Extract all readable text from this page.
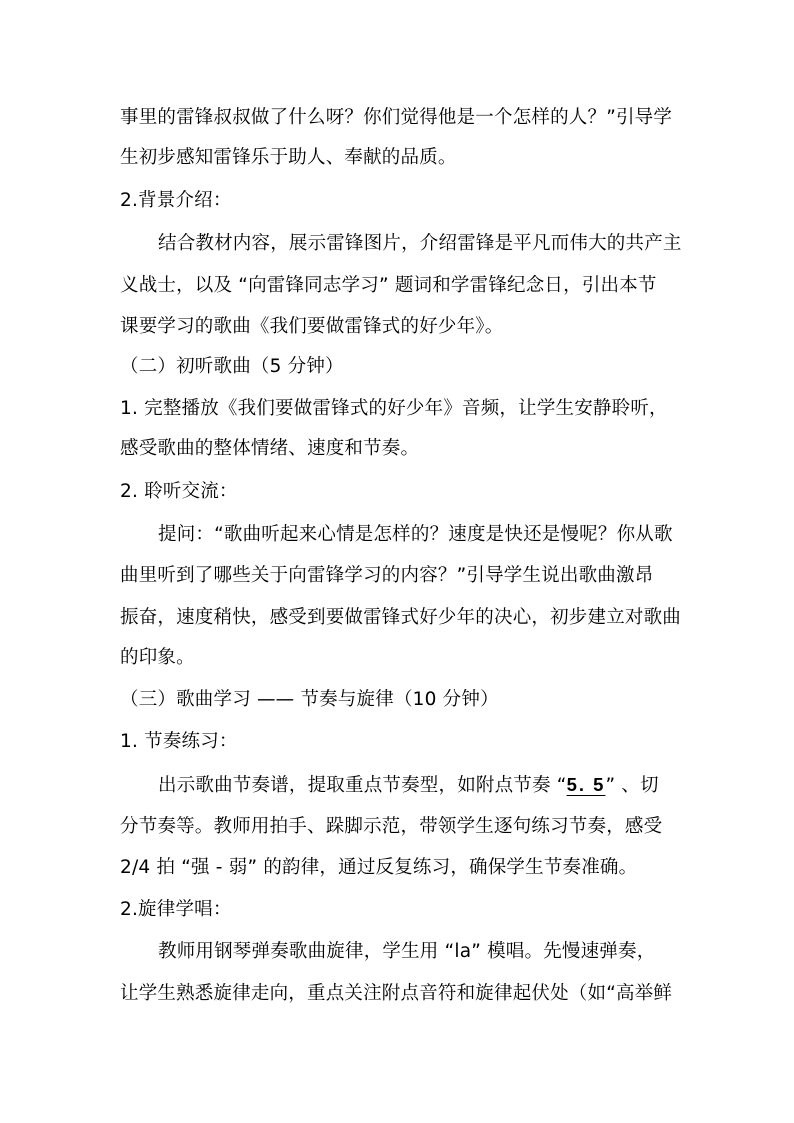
事里的雷锋叔叔做了什么呀？你们觉得他是一个怎样的人？”引导学
生初步感知雷锋乐于助人、奉献的品质。
2.背景介绍：
结合教材内容，展示雷锋图片，介绍雷锋是平凡而伟大的共产主
义战士，以及 “向雷锋同志学习” 题词和学雷锋纪念日，引出本节
课要学习的歌曲《我们要做雷锋式的好少年》。
（二）初听歌曲（5 分钟）
1. 完整播放《我们要做雷锋式的好少年》音频，让学生安静聆听，
感受歌曲的整体情绪、速度和节奏。
2. 聆听交流：
提问：“歌曲听起来心情是怎样的？速度是快还是慢呢？你从歌
曲里听到了哪些关于向雷锋学习的内容？”引导学生说出歌曲激昂
振奋，速度稍快，感受到要做雷锋式好少年的决心，初步建立对歌曲
的印象。
（三）歌曲学习 —— 节奏与旋律（10 分钟）
1. 节奏练习：
出示歌曲节奏谱，提取重点节奏型，如附点节奏 “5. 5” 、切
分节奏等。教师用拍手、跺脚示范，带领学生逐句练习节奏，感受
2/4 拍 “强 - 弱” 的韵律，通过反复练习，确保学生节奏准确。
2.旋律学唱：
教师用钢琴弹奏歌曲旋律，学生用 “la” 模唱。先慢速弹奏，
让学生熟悉旋律走向，重点关注附点音符和旋律起伏处（如“高举鲜
